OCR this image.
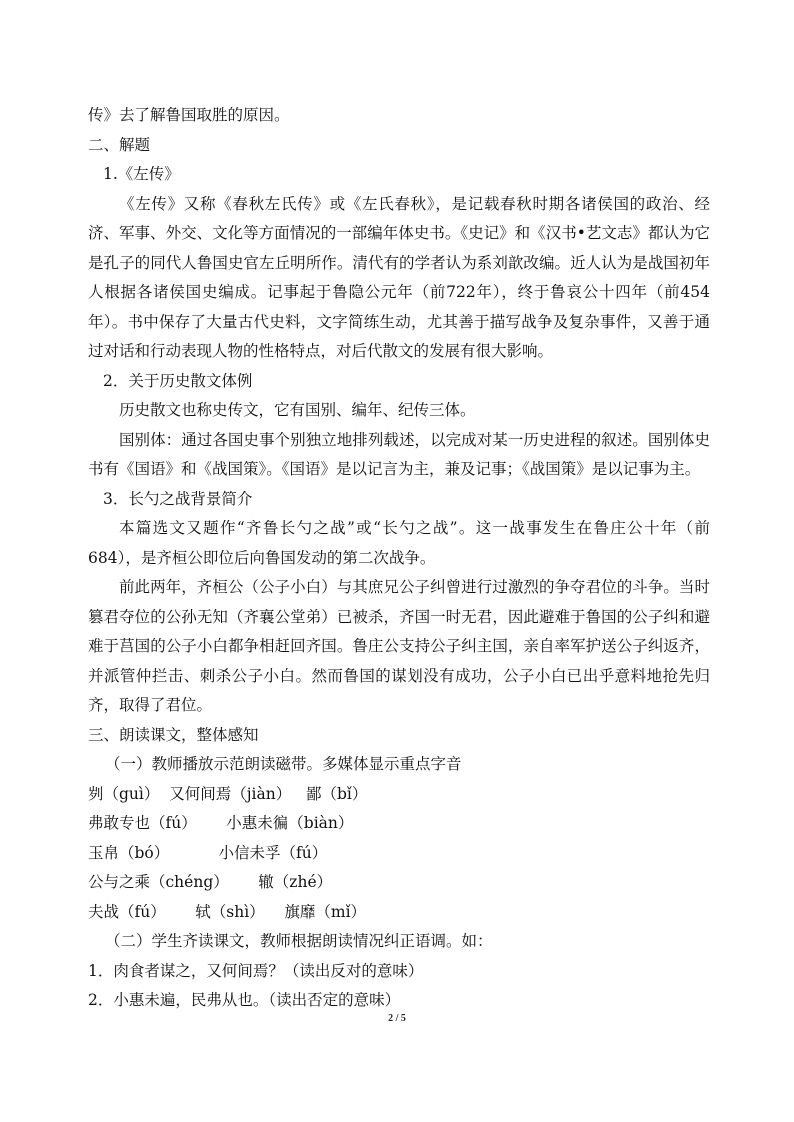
传》去了解鲁国取胜的原因。
二、解题
1.《左传》

《左传》又称《春秋左氏传》或《左氏春秋》，是记载春秋时期各诸侯国的政治、经济、军事、外交、文化等方面情况的一部编年体史书。《史记》和《汉书•艺文志》都认为它是孔子的同代人鲁国史官左丘明所作。清代有的学者认为系刘歆改编。近人认为是战国初年人根据各诸侯国史编成。记事起于鲁隐公元年（前722年），终于鲁哀公十四年（前454年）。书中保存了大量古代史料，文字简练生动，尤其善于描写战争及复杂事件，又善于通过对话和行动表现人物的性格特点，对后代散文的发展有很大影响。

2．关于历史散文体例

历史散文也称史传文，它有国别、编年、纪传三体。

国别体：通过各国史事个别独立地排列载述，以完成对某一历史进程的叙述。国别体史书有《国语》和《战国策》。《国语》是以记言为主，兼及记事；《战国策》是以记事为主。

3．长勺之战背景简介

本篇选文又题作“齐鲁长勺之战”或“长勺之战”。这一战事发生在鲁庄公十年（前684），是齐桓公即位后向鲁国发动的第二次战争。

前此两年，齐桓公（公子小白）与其庶兄公子纠曾进行过激烈的争夺君位的斗争。当时篡君夺位的公孙无知（齐襄公堂弟）已被杀，齐国一时无君，因此避难于鲁国的公子纠和避难于莒国的公子小白都争相赶回齐国。鲁庄公支持公子纠主国，亲自率军护送公子纠返齐，并派管仲拦击、刺杀公子小白。然而鲁国的谋划没有成功，公子小白已出乎意料地抢先归齐，取得了君位。

三、朗读课文，整体感知
（一）教师播放示范朗读磁带。多媒体显示重点字音
刿（guì）  又何间焉（jiàn）   鄙（bǐ）
弗敢专也（fú）      小惠未徧（biàn）
玉帛（bó）          小信未孚（fú）
公与之乘（chéng）      辙（zhé）
夫战（fú）      轼（shì）    旗靡（mǐ）
（二）学生齐读课文，教师根据朗读情况纠正语调。如：
1．肉食者谋之，又何间焉？（读出反对的意味）
2．小惠未遍，民弗从也。（读出否定的意味）
2 / 5
